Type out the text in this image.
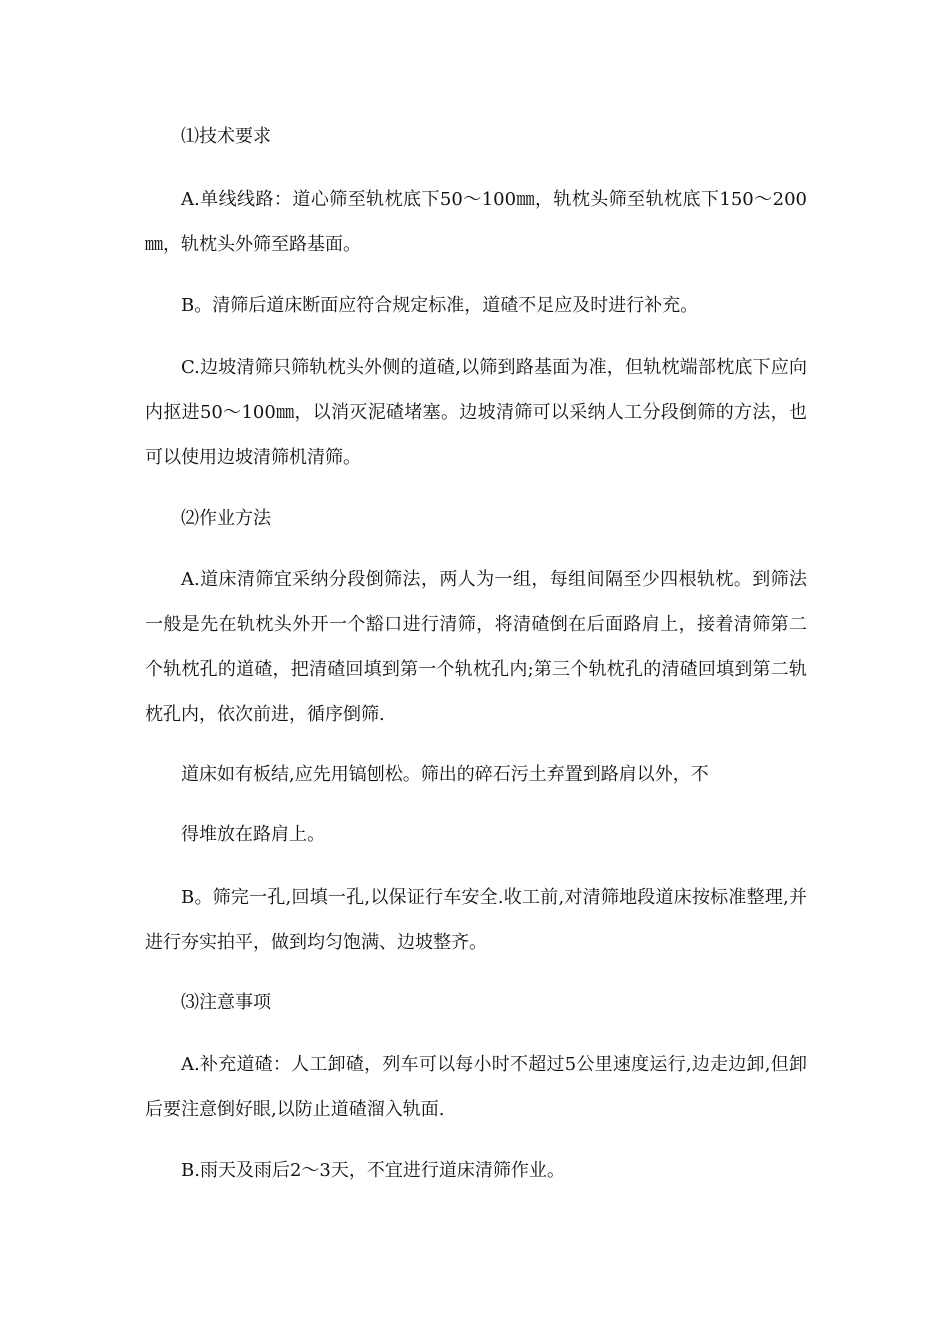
⑴技术要求

A.单线线路：道心筛至轨枕底下50～100㎜，轨枕头筛至轨枕底下150～200㎜，轨枕头外筛至路基面。

B。清筛后道床断面应符合规定标准，道碴不足应及时进行补充。

C.边坡清筛只筛轨枕头外侧的道碴,以筛到路基面为准，但轨枕端部枕底下应向内抠进50～100㎜，以消灭泥碴堵塞。边坡清筛可以采纳人工分段倒筛的方法，也可以使用边坡清筛机清筛。

⑵作业方法

A.道床清筛宜采纳分段倒筛法，两人为一组，每组间隔至少四根轨枕。到筛法一般是先在轨枕头外开一个豁口进行清筛，将清碴倒在后面路肩上，接着清筛第二个轨枕孔的道碴，把清碴回填到第一个轨枕孔内;第三个轨枕孔的清碴回填到第二轨枕孔内，依次前进，循序倒筛.

道床如有板结,应先用镐刨松。筛出的碎石污土弃置到路肩以外，不

得堆放在路肩上。

B。筛完一孔,回填一孔,以保证行车安全.收工前,对清筛地段道床按标准整理,并进行夯实拍平，做到均匀饱满、边坡整齐。

⑶注意事项

A.补充道碴：人工卸碴，列车可以每小时不超过5公里速度运行,边走边卸,但卸后要注意倒好眼,以防止道碴溜入轨面.

B.雨天及雨后2～3天，不宜进行道床清筛作业。
